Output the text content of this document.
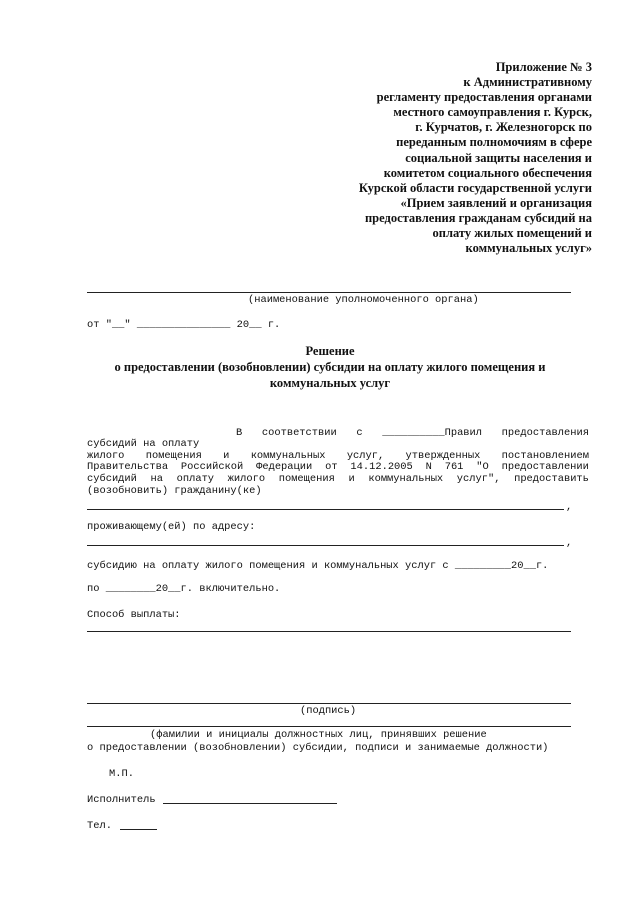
Приложение № 3
к Административному
регламенту предоставления органами
местного самоуправления г. Курск,
г. Курчатов, г. Железногорск по
переданным полномочиям в сфере
социальной защиты населения и
комитетом социального обеспечения
Курской области государственной услуги
«Прием заявлений и организация
предоставления гражданам субсидий на
оплату жилых помещений и
коммунальных услуг»
(наименование уполномоченного органа)
от "__" _______________ 20__ г.
Решение
о предоставлении (возобновлении) субсидии на оплату жилого помещения и
коммунальных услуг
В соответствии с __________Правил предоставления
субсидий на оплату
жилого помещения и коммунальных услуг, утвержденных постановлением
Правительства Российской Федерации от 14.12.2005 N 761 "О предоставлении
субсидий на оплату жилого помещения и коммунальных услуг", предоставить
(возобновить) гражданину(ке)
,
проживающему(ей) по адресу:
,
субсидию на оплату жилого помещения и коммунальных услуг с _________20__г.
по ________20__г. включительно.
Способ выплаты:
(подпись)
(фамилии и инициалы должностных лиц, принявших решение
о предоставлении (возобновлении) субсидии, подписи и занимаемые должности)
М.П.
Исполнитель
Тел.
